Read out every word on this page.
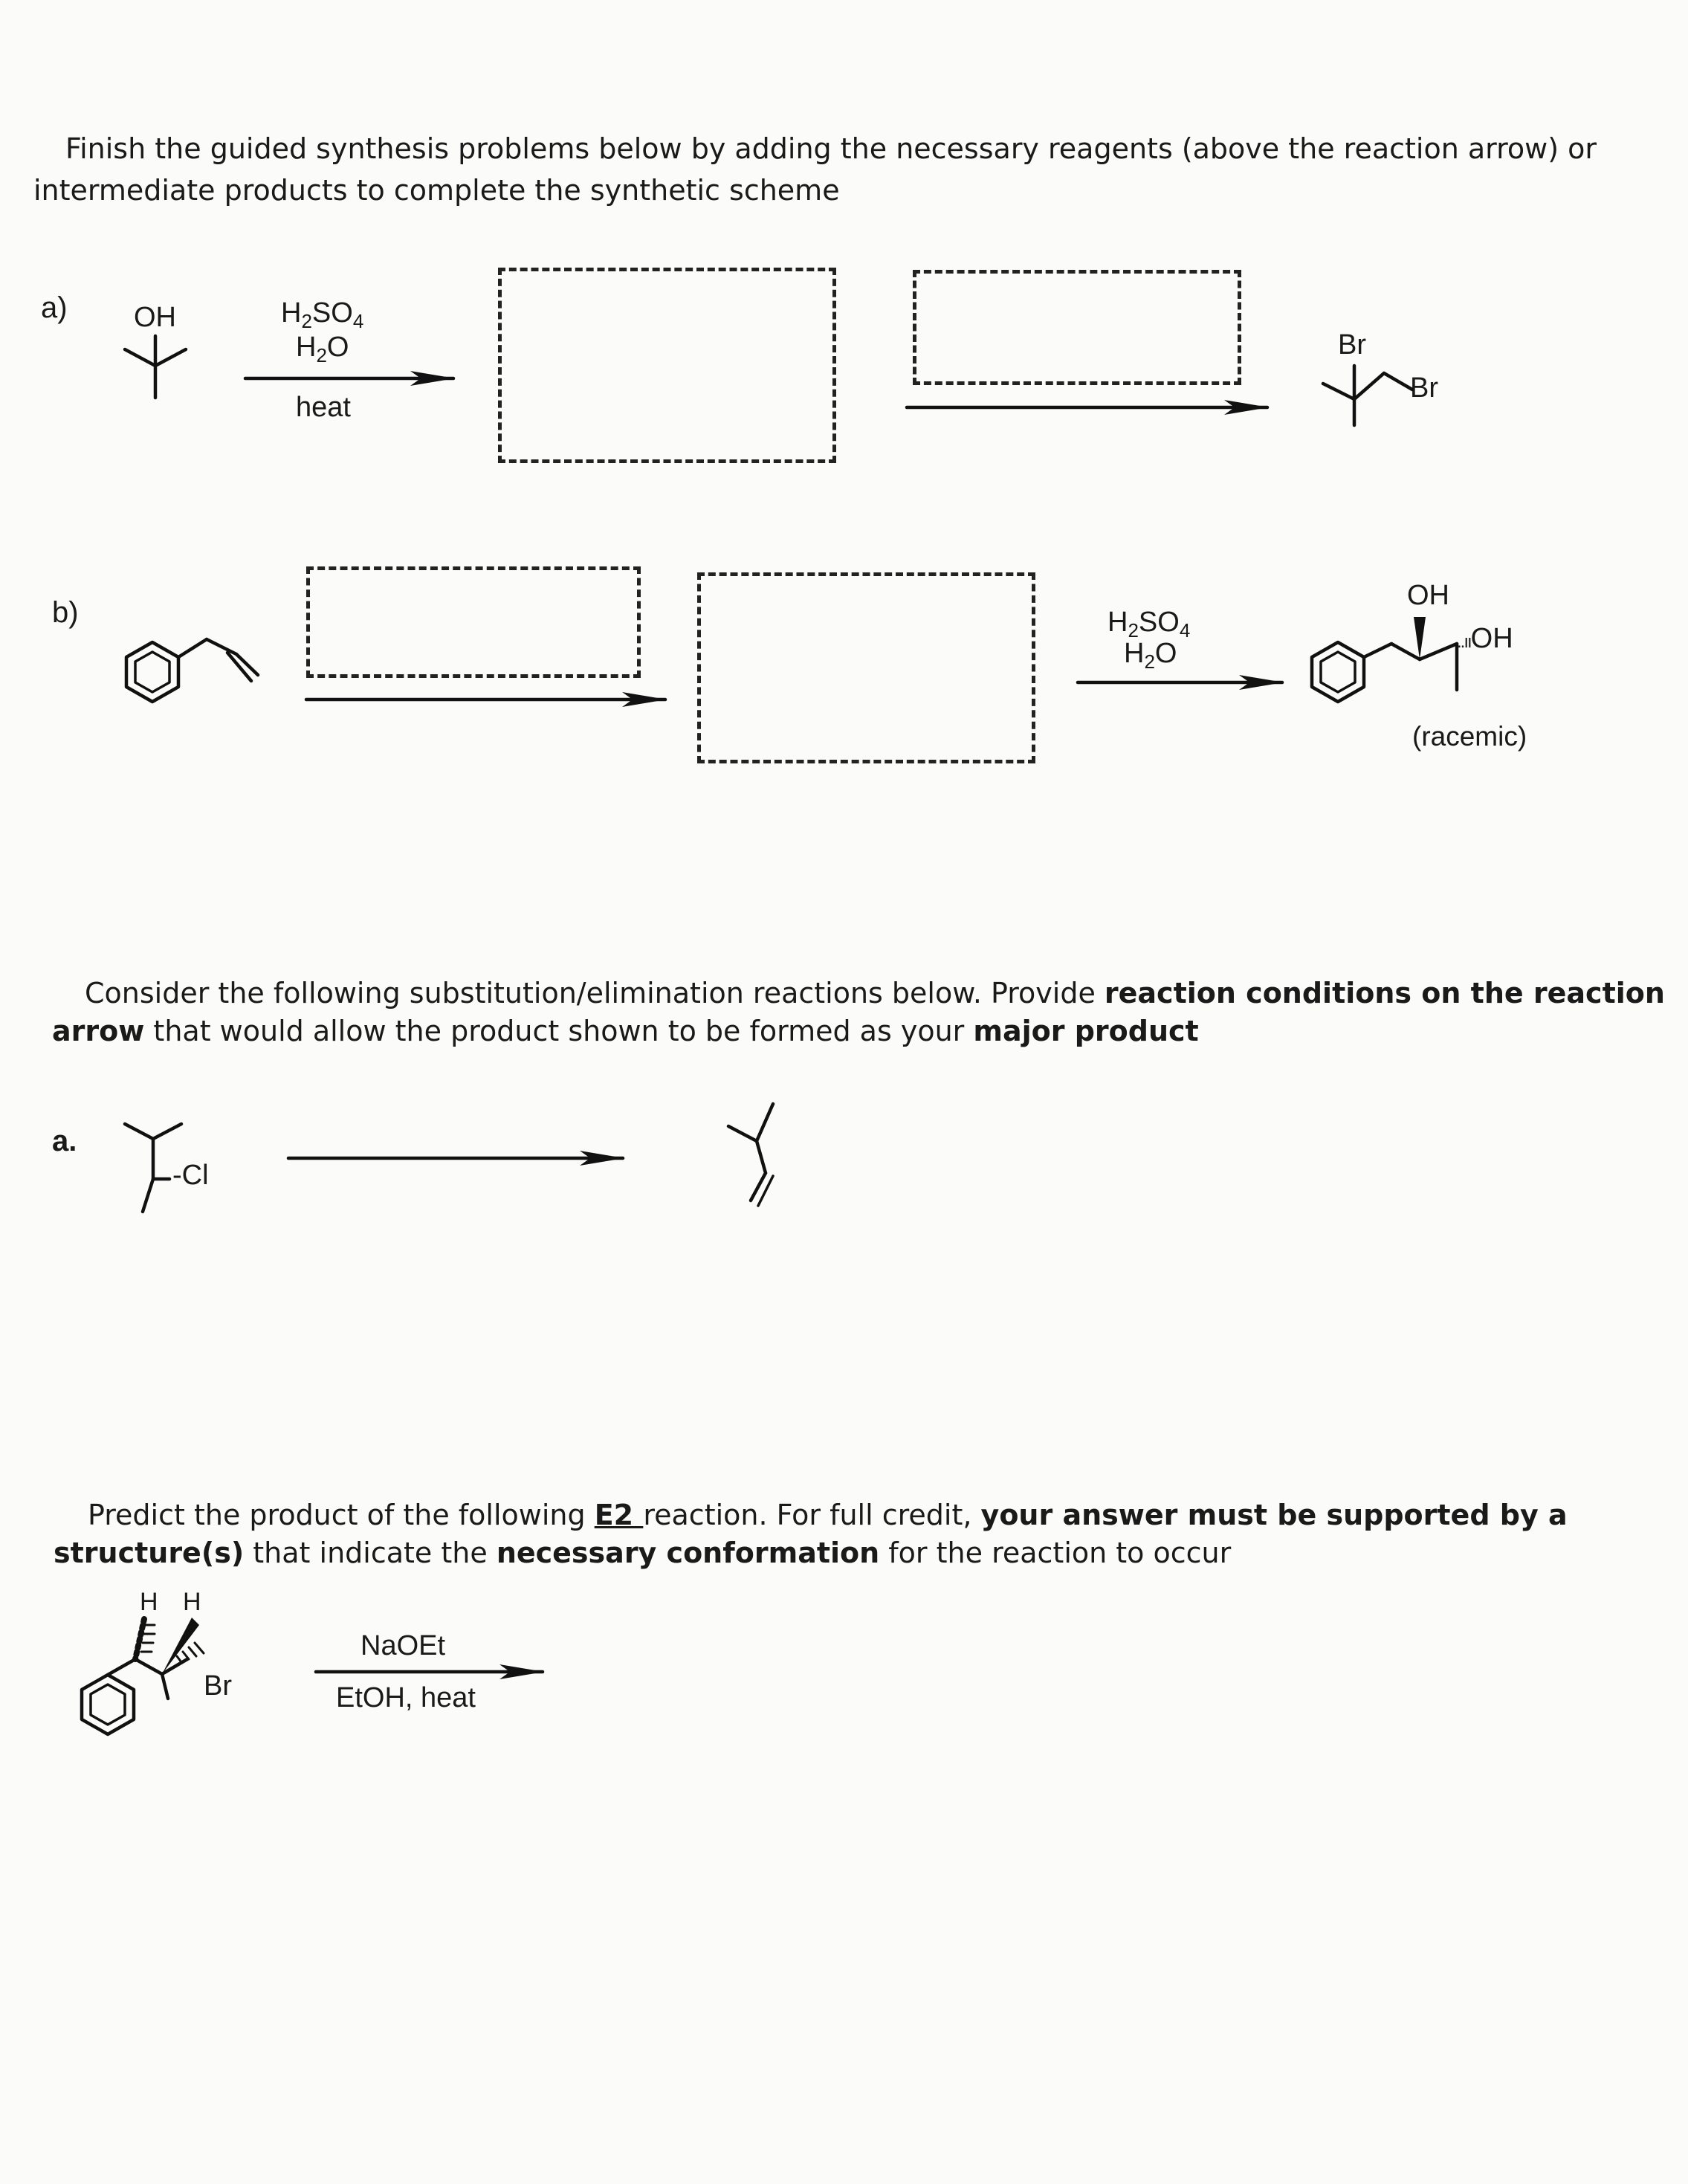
Finish the guided synthesis problems below by adding the necessary reagents (above the reaction arrow) or
intermediate products to complete the synthetic scheme
a) OH	$H_2SO_4$
$H_2O$
heat
Br
Br
b)	$H_2SO_4$
$H_2O$
OH
..ııOH
(racemic)
Consider the following substitution/elimination reactions below. Provide reaction conditions on the reaction
arrow that would allow the product shown to be formed as your major product
a.
-Cl
Predict the product of the following E2 reaction. For full credit, your answer must be supported by a
structure(s) that indicate the necessary conformation for the reaction to occur
H H
Br
NaOEt
EtOH, heat
